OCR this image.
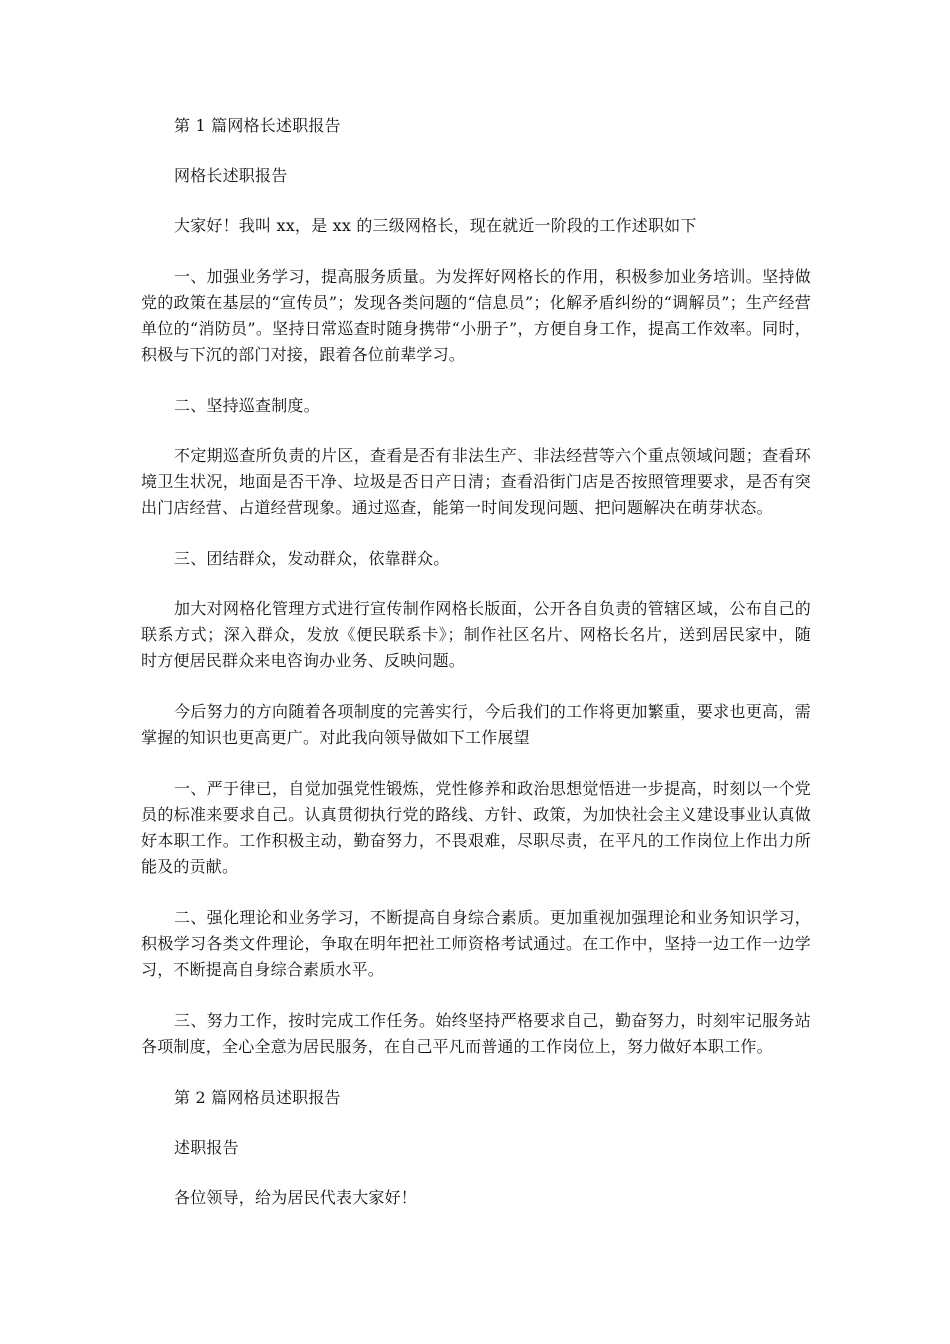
第 1 篇网格长述职报告

网格长述职报告

大家好！我叫 xx，是 xx 的三级网格长，现在就近一阶段的工作述职如下

一、加强业务学习，提高服务质量。为发挥好网格长的作用，积极参加业务培训。坚持做党的政策在基层的“宣传员”；发现各类问题的“信息员”；化解矛盾纠纷的“调解员”；生产经营单位的“消防员”。坚持日常巡查时随身携带“小册子”，方便自身工作，提高工作效率。同时，积极与下沉的部门对接，跟着各位前辈学习。

二、坚持巡查制度。

不定期巡查所负责的片区，查看是否有非法生产、非法经营等六个重点领域问题；查看环境卫生状况，地面是否干净、垃圾是否日产日清；查看沿街门店是否按照管理要求，是否有突出门店经营、占道经营现象。通过巡查，能第一时间发现问题、把问题解决在萌芽状态。

三、团结群众，发动群众，依靠群众。

加大对网格化管理方式进行宣传制作网格长版面，公开各自负责的管辖区域，公布自己的联系方式；深入群众，发放《便民联系卡》；制作社区名片、网格长名片，送到居民家中，随时方便居民群众来电咨询办业务、反映问题。

今后努力的方向随着各项制度的完善实行，今后我们的工作将更加繁重，要求也更高，需掌握的知识也更高更广。对此我向领导做如下工作展望

一、严于律已，自觉加强党性锻炼，党性修养和政治思想觉悟进一步提高，时刻以一个党员的标准来要求自己。认真贯彻执行党的路线、方针、政策，为加快社会主义建设事业认真做好本职工作。工作积极主动，勤奋努力，不畏艰难，尽职尽责，在平凡的工作岗位上作出力所能及的贡献。

二、强化理论和业务学习，不断提高自身综合素质。更加重视加强理论和业务知识学习，积极学习各类文件理论，争取在明年把社工师资格考试通过。在工作中，坚持一边工作一边学习，不断提高自身综合素质水平。

三、努力工作，按时完成工作任务。始终坚持严格要求自己，勤奋努力，时刻牢记服务站各项制度，全心全意为居民服务，在自己平凡而普通的工作岗位上，努力做好本职工作。

第 2 篇网格员述职报告

述职报告

各位领导，给为居民代表大家好！
